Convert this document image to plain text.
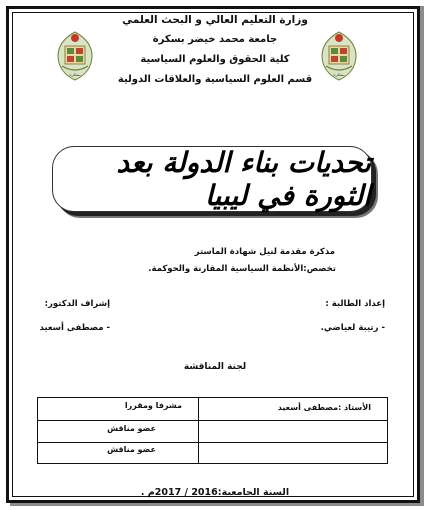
وزارة التعليم العالي و البحث العلمي
جامعة محمد خيضر بسكرة
كلية الحقوق والعلوم السياسية
قسم العلوم السياسية والعلاقات الدولية
بسكرة	بسكرة
تحديات بناء الدولة بعد الثورة في ليبيا
مذكرة مقدمة لنيل شهادة الماستر
تخصص:الأنظمة السياسية المقارنة والحوكمة.
إعداد الطالبة :
- رتيبة لعياضي.
إشراف الدكتور:
- مصطفى أسعيد
لجنة المناقشة
الأستاذ :مصطفى أسعيد
مشرفا ومقررا
عضو مناقش
عضو مناقش
السنة الجامعية:2016 / 2017م .
